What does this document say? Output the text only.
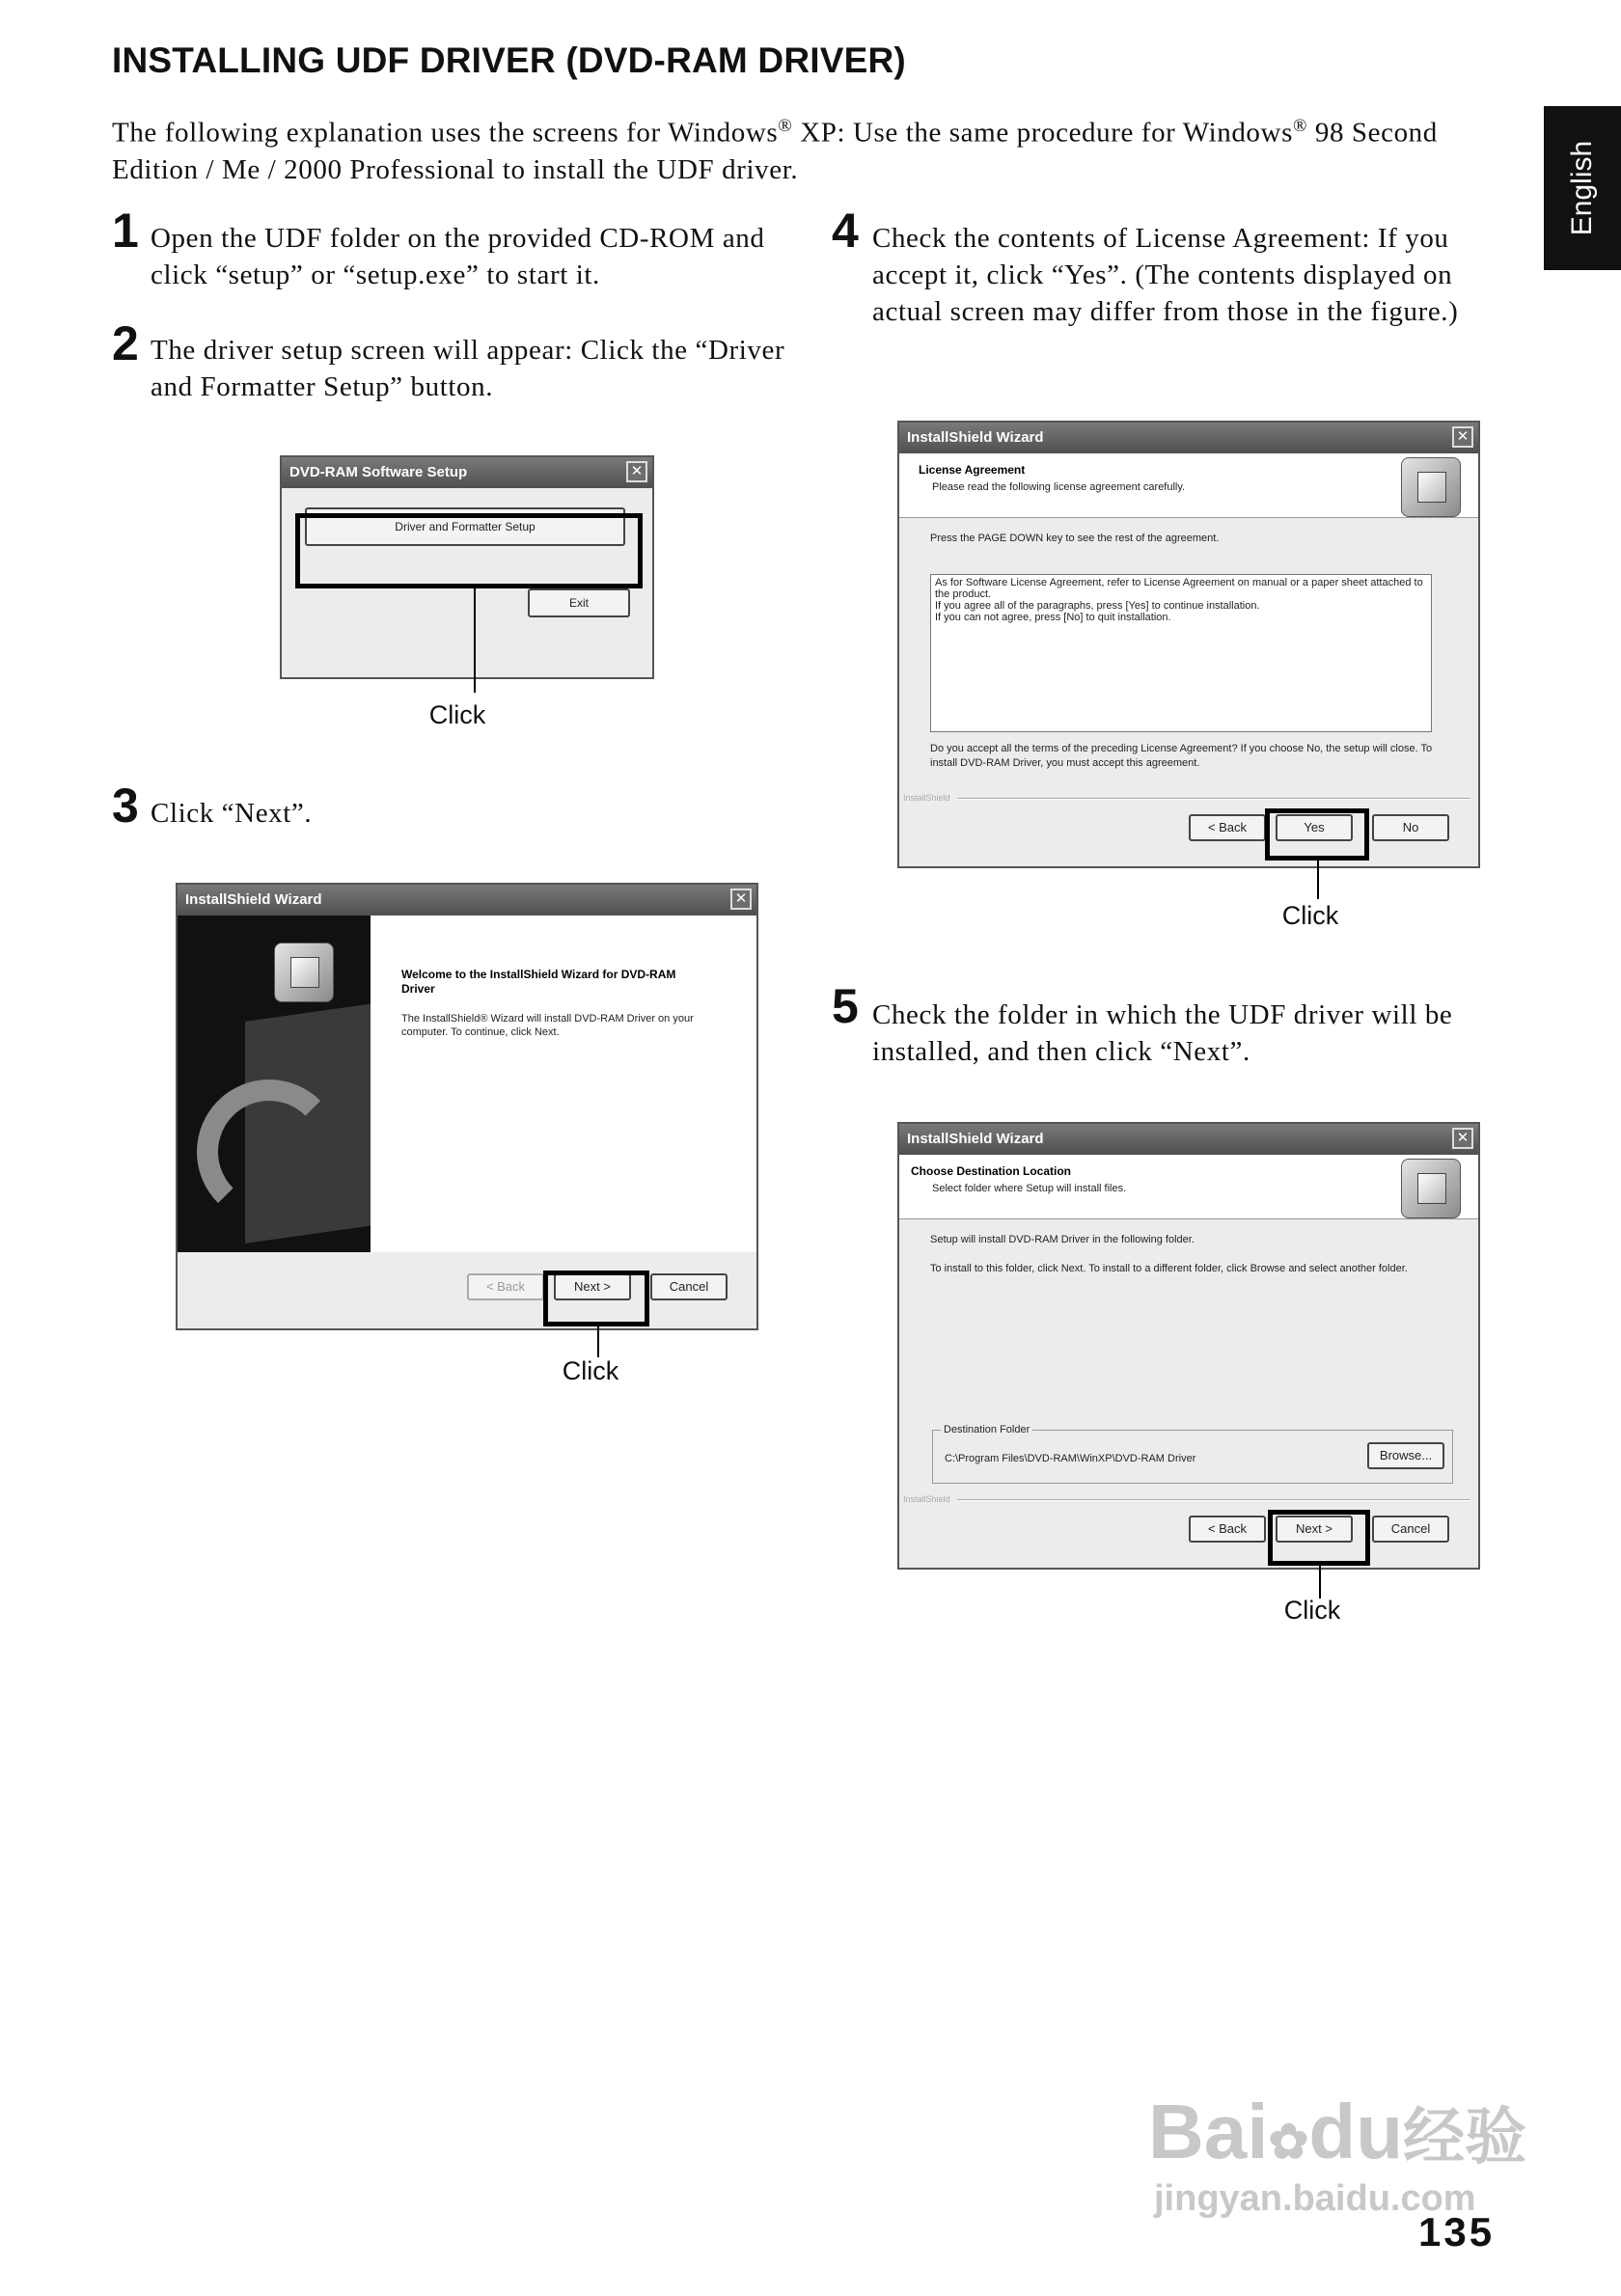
INSTALLING UDF DRIVER (DVD-RAM DRIVER)
The following explanation uses the screens for Windows® XP: Use the same procedure for Windows® 98 Second Edition / Me / 2000 Professional to install the UDF driver.	English
1 Open the UDF folder on the provided CD-ROM and click “setup” or “setup.exe” to start it.
2 The driver setup screen will appear: Click the “Driver and Formatter Setup” button.
DVD-RAM Software Setup	✕
Driver and Formatter Setup
Exit
Click
3 Click “Next”.
InstallShield Wizard	✕
Welcome to the InstallShield Wizard for DVD-RAM Driver
The InstallShield® Wizard will install DVD-RAM Driver on your computer. To continue, click Next.
< Back	Next >	Cancel
Click
4 Check the contents of License Agreement: If you accept it, click “Yes”. (The contents displayed on actual screen may differ from those in the figure.)
InstallShield Wizard	✕
License Agreement
Please read the following license agreement carefully.
Press the PAGE DOWN key to see the rest of the agreement.
As for Software License Agreement, refer to License Agreement on manual or a paper sheet attached to the product.
If you agree all of the paragraphs, press [Yes] to continue installation.
If you can not agree, press [No] to quit installation.
Do you accept all the terms of the preceding License Agreement? If you choose No, the setup will close. To install DVD-RAM Driver, you must accept this agreement.
InstallShield
< Back	Yes	No
Click
5 Check the folder in which the UDF driver will be installed, and then click “Next”.
InstallShield Wizard	✕
Choose Destination Location
Select folder where Setup will install files.
Setup will install DVD-RAM Driver in the following folder.
To install to this folder, click Next. To install to a different folder, click Browse and select another folder.
Destination Folder
C:\Program Files\DVD-RAM\WinXP\DVD-RAM Driver	Browse...
InstallShield
< Back	Next >	Cancel
Click
Bai✿du经验
jingyan.baidu.com
135
